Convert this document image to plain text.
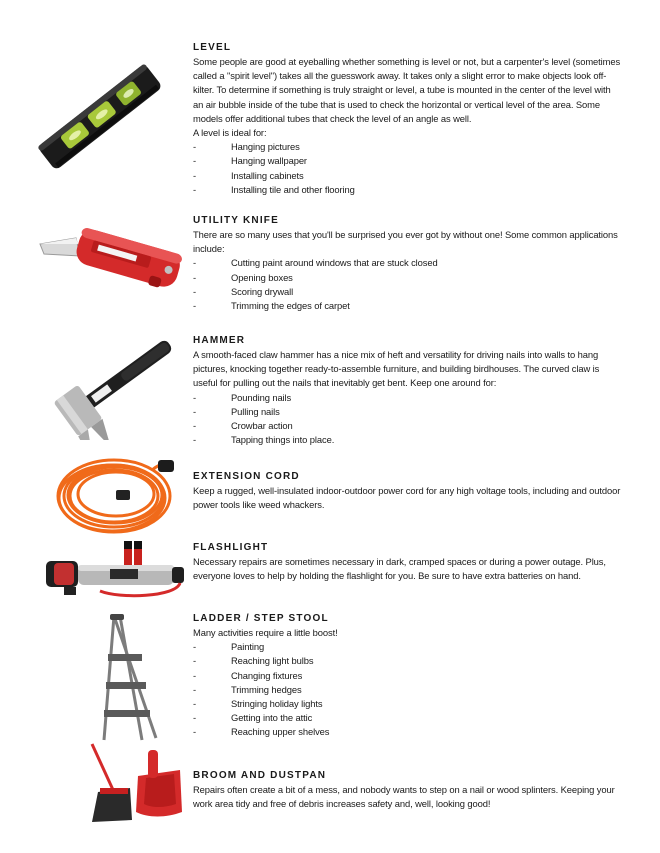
LEVEL
Some people are good at eyeballing whether something is level or not, but a carpenter's level (sometimes called a "spirit level") takes all the guesswork away. It takes only a slight error to make objects look off-kilter. To determine if something is truly straight or level, a tube is mounted in the center of the level with an air bubble inside of the tube that is used to check the horizontal or vertical level of the area. Some models offer additional tubes that check the level of an angle as well.
A level is ideal for:
-	Hanging pictures
-	Hanging wallpaper
-	Installing cabinets
-	Installing tile and other flooring
UTILITY KNIFE
There are so many uses that you'll be surprised you ever got by without one! Some common applications include:
-	Cutting paint around windows that are stuck closed
-	Opening boxes
-	Scoring drywall
-	Trimming the edges of carpet
HAMMER
A smooth-faced claw hammer has a nice mix of heft and versatility for driving nails into walls to hang pictures, knocking together ready-to-assemble furniture, and building birdhouses. The curved claw is useful for pulling out the nails that inevitably get bent. Keep one around for:
-	Pounding nails
-	Pulling nails
-	Crowbar action
-	Tapping things into place.
EXTENSION CORD
Keep a rugged, well-insulated indoor-outdoor power cord for any high voltage tools, including and outdoor power tools like weed whackers.
FLASHLIGHT
Necessary repairs are sometimes necessary in dark, cramped spaces or during a power outage. Plus, everyone loves to help by holding the flashlight for you. Be sure to have extra batteries on hand.
LADDER / STEP STOOL
Many activities require a little boost!
-	Painting
-	Reaching light bulbs
-	Changing fixtures
-	Trimming hedges
-	Stringing holiday lights
-	Getting into the attic
-	Reaching upper shelves
BROOM AND DUSTPAN
Repairs often create a bit of a mess, and nobody wants to step on a nail or wood splinters. Keeping your work area tidy and free of debris increases safety and, well, looking good!
